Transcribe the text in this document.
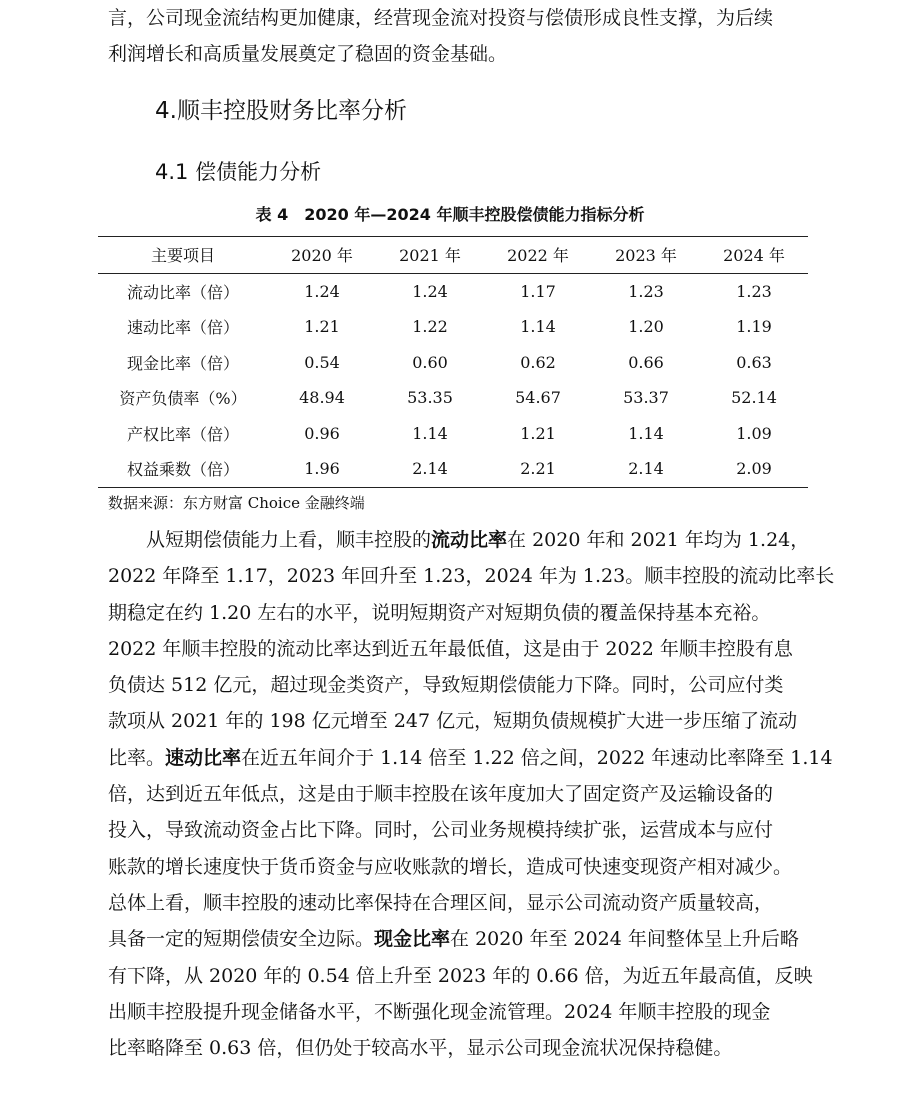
言，公司现金流结构更加健康，经营现金流对投资与偿债形成良性支撑，为后续
利润增长和高质量发展奠定了稳固的资金基础。
4.顺丰控股财务比率分析
4.1 偿债能力分析
表 4　2020 年—2024 年顺丰控股偿债能力指标分析
主要项目	2020 年	2021 年	2022 年	2023 年	2024 年
流动比率（倍）	1.24	1.24	1.17	1.23	1.23
速动比率（倍）	1.21	1.22	1.14	1.20	1.19
现金比率（倍）	0.54	0.60	0.62	0.66	0.63
资产负债率（%）	48.94	53.35	54.67	53.37	52.14
产权比率（倍）	0.96	1.14	1.21	1.14	1.09
权益乘数（倍）	1.96	2.14	2.21	2.14	2.09
数据来源：东方财富 Choice 金融终端
从短期偿债能力上看，顺丰控股的流动比率在 2020 年和 2021 年均为 1.24，
2022 年降至 1.17，2023 年回升至 1.23，2024 年为 1.23。顺丰控股的流动比率长
期稳定在约 1.20 左右的水平，说明短期资产对短期负债的覆盖保持基本充裕。
2022 年顺丰控股的流动比率达到近五年最低值，这是由于 2022 年顺丰控股有息
负债达 512 亿元，超过现金类资产，导致短期偿债能力下降。同时，公司应付类
款项从 2021 年的 198 亿元增至 247 亿元，短期负债规模扩大进一步压缩了流动
比率。速动比率在近五年间介于 1.14 倍至 1.22 倍之间，2022 年速动比率降至 1.14
倍，达到近五年低点，这是由于顺丰控股在该年度加大了固定资产及运输设备的
投入，导致流动资金占比下降。同时，公司业务规模持续扩张，运营成本与应付
账款的增长速度快于货币资金与应收账款的增长，造成可快速变现资产相对减少。
总体上看，顺丰控股的速动比率保持在合理区间，显示公司流动资产质量较高，
具备一定的短期偿债安全边际。现金比率在 2020 年至 2024 年间整体呈上升后略
有下降，从 2020 年的 0.54 倍上升至 2023 年的 0.66 倍，为近五年最高值，反映
出顺丰控股提升现金储备水平，不断强化现金流管理。2024 年顺丰控股的现金
比率略降至 0.63 倍，但仍处于较高水平，显示公司现金流状况保持稳健。
